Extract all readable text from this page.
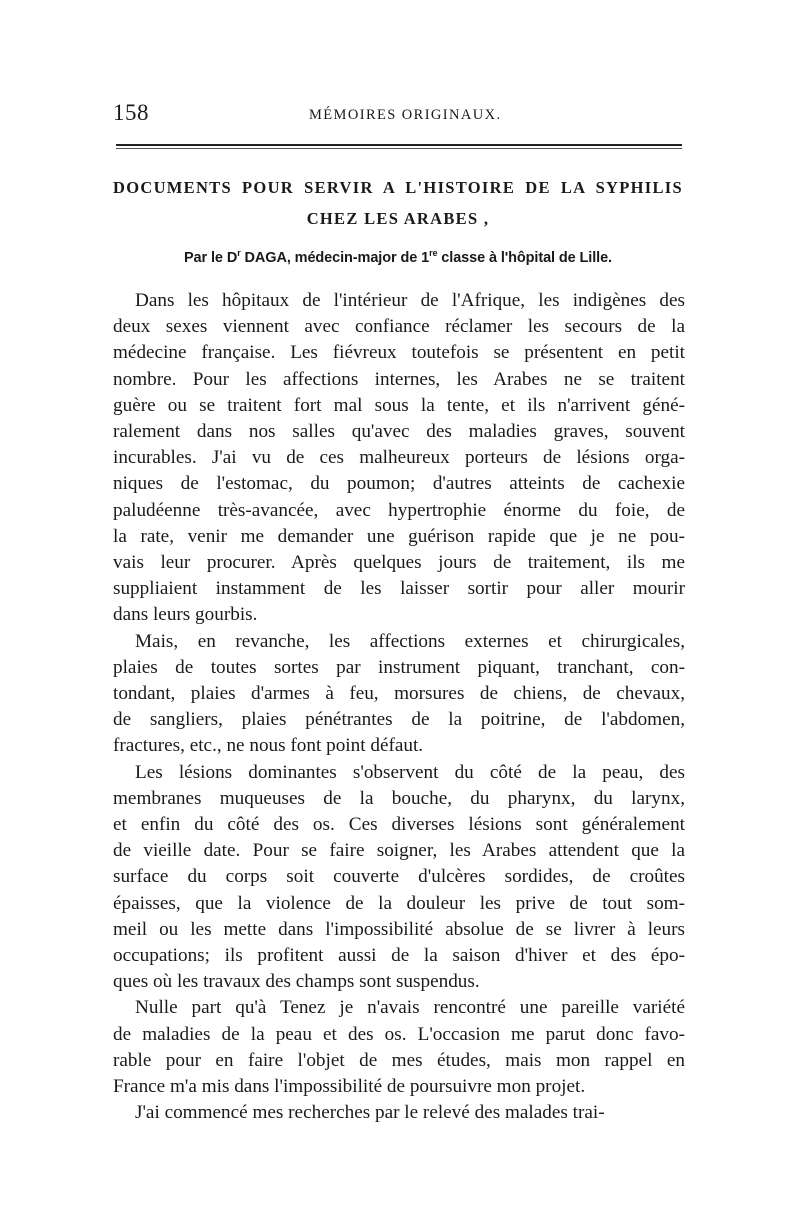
158	MÉMOIRES ORIGINAUX.
DOCUMENTS POUR SERVIR A L'HISTOIRE DE LA SYPHILIS
CHEZ LES ARABES ,
Par le $D^r$ DAGA, médecin-major de 1re classe à l'hôpital de Lille.

Dans les hôpitaux de l'intérieur de l'Afrique, les indigènes des
deux sexes viennent avec confiance réclamer les secours de la
médecine française. Les fiévreux toutefois se présentent en petit
nombre. Pour les affections internes, les Arabes ne se traitent
guère ou se traitent fort mal sous la tente, et ils n'arrivent géné-
ralement dans nos salles qu'avec des maladies graves, souvent
incurables. J'ai vu de ces malheureux porteurs de lésions orga-
niques de l'estomac, du poumon; d'autres atteints de cachexie
paludéenne très-avancée, avec hypertrophie énorme du foie, de
la rate, venir me demander une guérison rapide que je ne pou-
vais leur procurer. Après quelques jours de traitement, ils me
suppliaient instamment de les laisser sortir pour aller mourir
dans leurs gourbis.

Mais, en revanche, les affections externes et chirurgicales,
plaies de toutes sortes par instrument piquant, tranchant, con-
tondant, plaies d'armes à feu, morsures de chiens, de chevaux,
de sangliers, plaies pénétrantes de la poitrine, de l'abdomen,
fractures, etc., ne nous font point défaut.

Les lésions dominantes s'observent du côté de la peau, des
membranes muqueuses de la bouche, du pharynx, du larynx,
et enfin du côté des os. Ces diverses lésions sont généralement
de vieille date. Pour se faire soigner, les Arabes attendent que la
surface du corps soit couverte d'ulcères sordides, de croûtes
épaisses, que la violence de la douleur les prive de tout som-
meil ou les mette dans l'impossibilité absolue de se livrer à leurs
occupations; ils profitent aussi de la saison d'hiver et des épo-
ques où les travaux des champs sont suspendus.

Nulle part qu'à Tenez je n'avais rencontré une pareille variété
de maladies de la peau et des os. L'occasion me parut donc favo-
rable pour en faire l'objet de mes études, mais mon rappel en
France m'a mis dans l'impossibilité de poursuivre mon projet.

J'ai commencé mes recherches par le relevé des malades trai-
